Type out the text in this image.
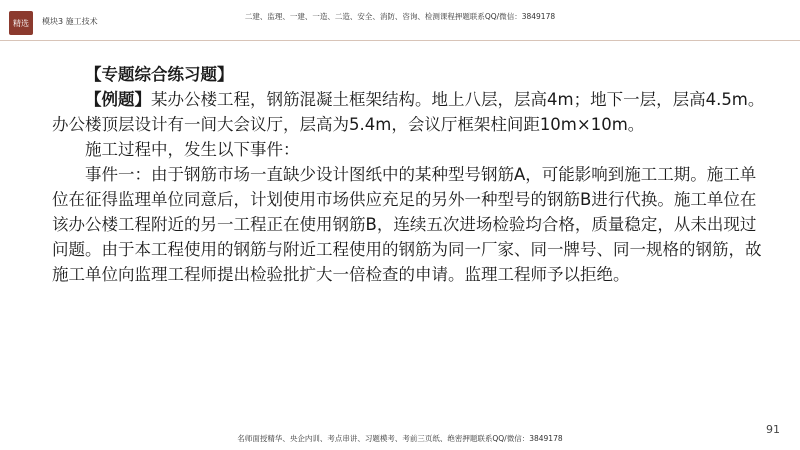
精选	模块3 施工技术
二建、监理、一建、一造、二造、安全、消防、咨询、检测课程押题联系QQ/微信：3849178

【专题综合练习题】

【例题】某办公楼工程，钢筋混凝土框架结构。地上八层，层高4m；地下一层，层高4.5m。办公楼顶层设计有一间大会议厅，层高为5.4m，会议厅框架柱间距10m×10m。

施工过程中，发生以下事件：

事件一：由于钢筋市场一直缺少设计图纸中的某种型号钢筋A，可能影响到施工工期。施工单位在征得监理单位同意后，计划使用市场供应充足的另外一种型号的钢筋B进行代换。施工单位在该办公楼工程附近的另一工程正在使用钢筋B，连续五次进场检验均合格，质量稳定，从未出现过问题。由于本工程使用的钢筋与附近工程使用的钢筋为同一厂家、同一牌号、同一规格的钢筋，故施工单位向监理工程师提出检验批扩大一倍检查的申请。监理工程师予以拒绝。

91
名师面授精华、央企内训、考点串讲、习题模考、考前三页纸、绝密押题联系QQ/微信：3849178
